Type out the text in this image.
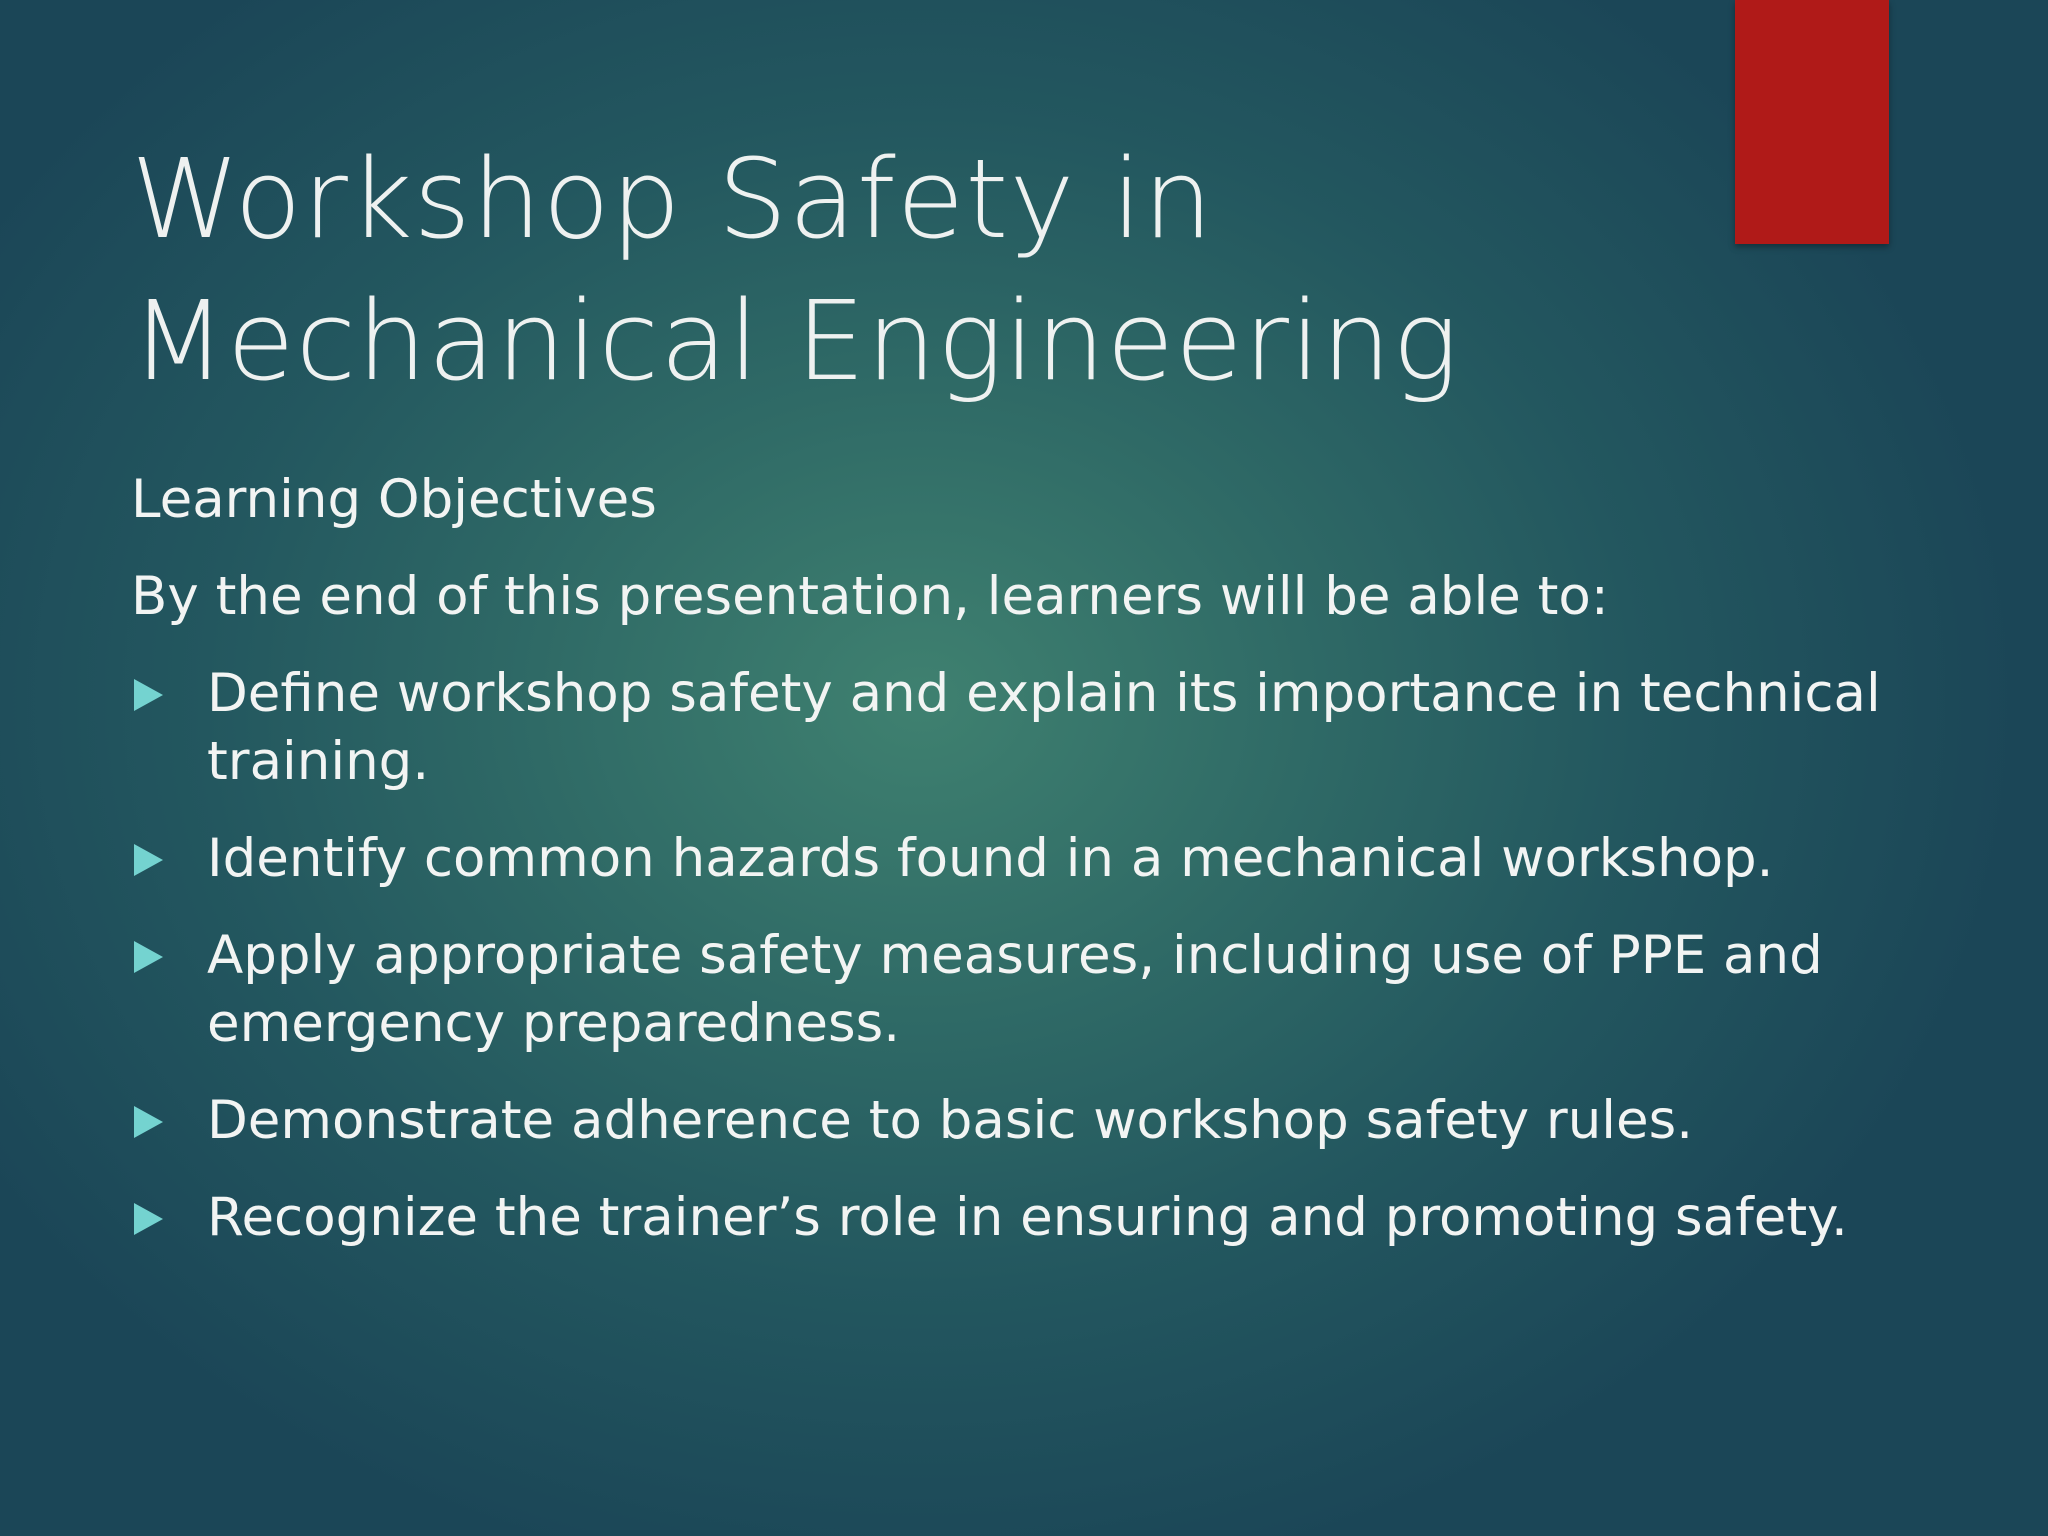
Workshop Safety in
Mechanical Engineering

Learning Objectives

By the end of this presentation, learners will be able to:

Define workshop safety and explain its importance in technical training.
Identify common hazards found in a mechanical workshop.
Apply appropriate safety measures, including use of PPE and emergency preparedness.
Demonstrate adherence to basic workshop safety rules.
Recognize the trainer’s role in ensuring and promoting safety.
